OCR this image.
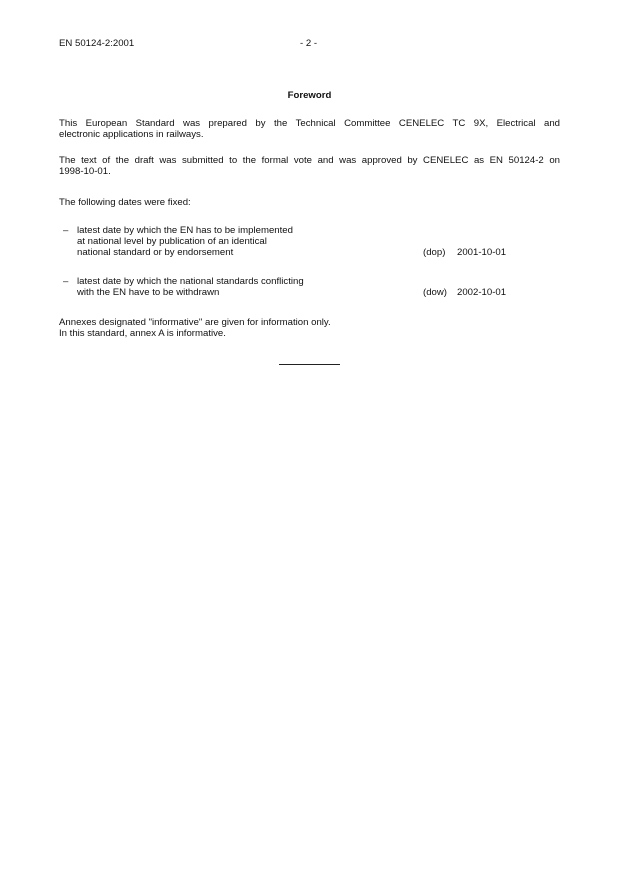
EN 50124-2:2001	- 2 -
Foreword
This European Standard was prepared by the Technical Committee CENELEC TC 9X, Electrical and
electronic applications in railways.
The text of the draft was submitted to the formal vote and was approved by CENELEC as EN 50124-2 on
1998-10-01.
The following dates were fixed:
– latest date by which the EN has to be implemented
at national level by publication of an identical
national standard or by endorsement	(dop) 2001-10-01
– latest date by which the national standards conflicting
with the EN have to be withdrawn	(dow) 2002-10-01
Annexes designated "informative" are given for information only.
In this standard, annex A is informative.
